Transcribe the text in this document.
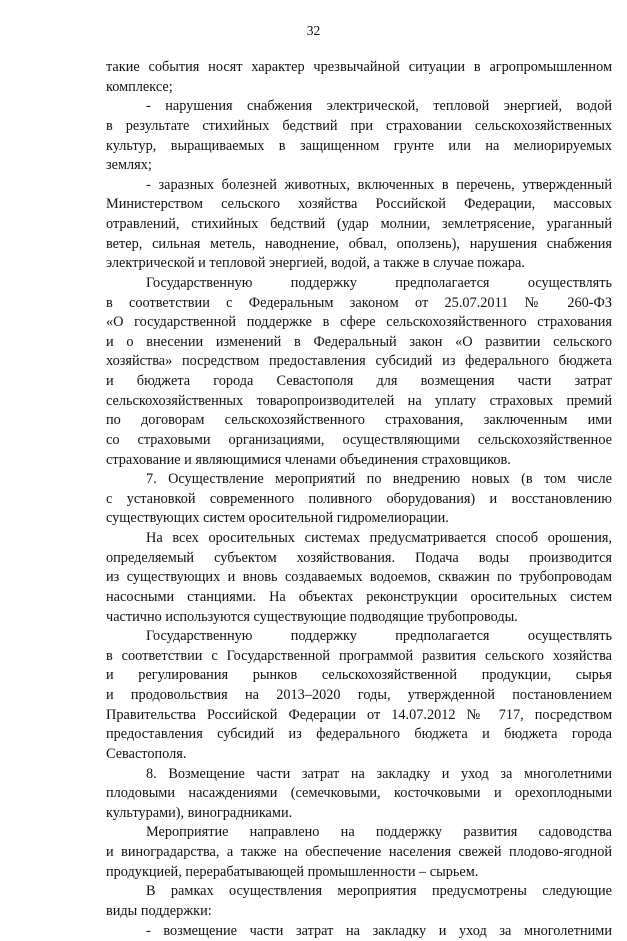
32
такие события носят характер чрезвычайной ситуации в агропромышленном
комплексе;
- нарушения снабжения электрической, тепловой энергией, водой
в результате стихийных бедствий при страховании сельскохозяйственных
культур, выращиваемых в защищенном грунте или на мелиорируемых
землях;
- заразных болезней животных, включенных в перечень, утвержденный
Министерством сельского хозяйства Российской Федерации, массовых
отравлений, стихийных бедствий (удар молнии, землетрясение, ураганный
ветер, сильная метель, наводнение, обвал, оползень), нарушения снабжения
электрической и тепловой энергией, водой, а также в случае пожара.
Государственную поддержку предполагается осуществлять
в соответствии с Федеральным законом от 25.07.2011 № 260-ФЗ
«О государственной поддержке в сфере сельскохозяйственного страхования
и о внесении изменений в Федеральный закон «О развитии сельского
хозяйства» посредством предоставления субсидий из федерального бюджета
и бюджета города Севастополя для возмещения части затрат
сельскохозяйственных товаропроизводителей на уплату страховых премий
по договорам сельскохозяйственного страхования, заключенным ими
со страховыми организациями, осуществляющими сельскохозяйственное
страхование и являющимися членами объединения страховщиков.
7. Осуществление мероприятий по внедрению новых (в том числе
с установкой современного поливного оборудования) и восстановлению
существующих систем оросительной гидромелиорации.
На всех оросительных системах предусматривается способ орошения,
определяемый субъектом хозяйствования. Подача воды производится
из существующих и вновь создаваемых водоемов, скважин по трубопроводам
насосными станциями. На объектах реконструкции оросительных систем
частично используются существующие подводящие трубопроводы.
Государственную поддержку предполагается осуществлять
в соответствии с Государственной программой развития сельского хозяйства
и регулирования рынков сельскохозяйственной продукции, сырья
и продовольствия на 2013–2020 годы, утвержденной постановлением
Правительства Российской Федерации от 14.07.2012 № 717, посредством
предоставления субсидий из федерального бюджета и бюджета города
Севастополя.
8. Возмещение части затрат на закладку и уход за многолетними
плодовыми насаждениями (семечковыми, косточковыми и орехоплодными
культурами), виноградниками.
Мероприятие направлено на поддержку развития садоводства
и виноградарства, а также на обеспечение населения свежей плодово-ягодной
продукцией, перерабатывающей промышленности – сырьем.
В рамках осуществления мероприятия предусмотрены следующие
виды поддержки:
- возмещение части затрат на закладку и уход за многолетними
